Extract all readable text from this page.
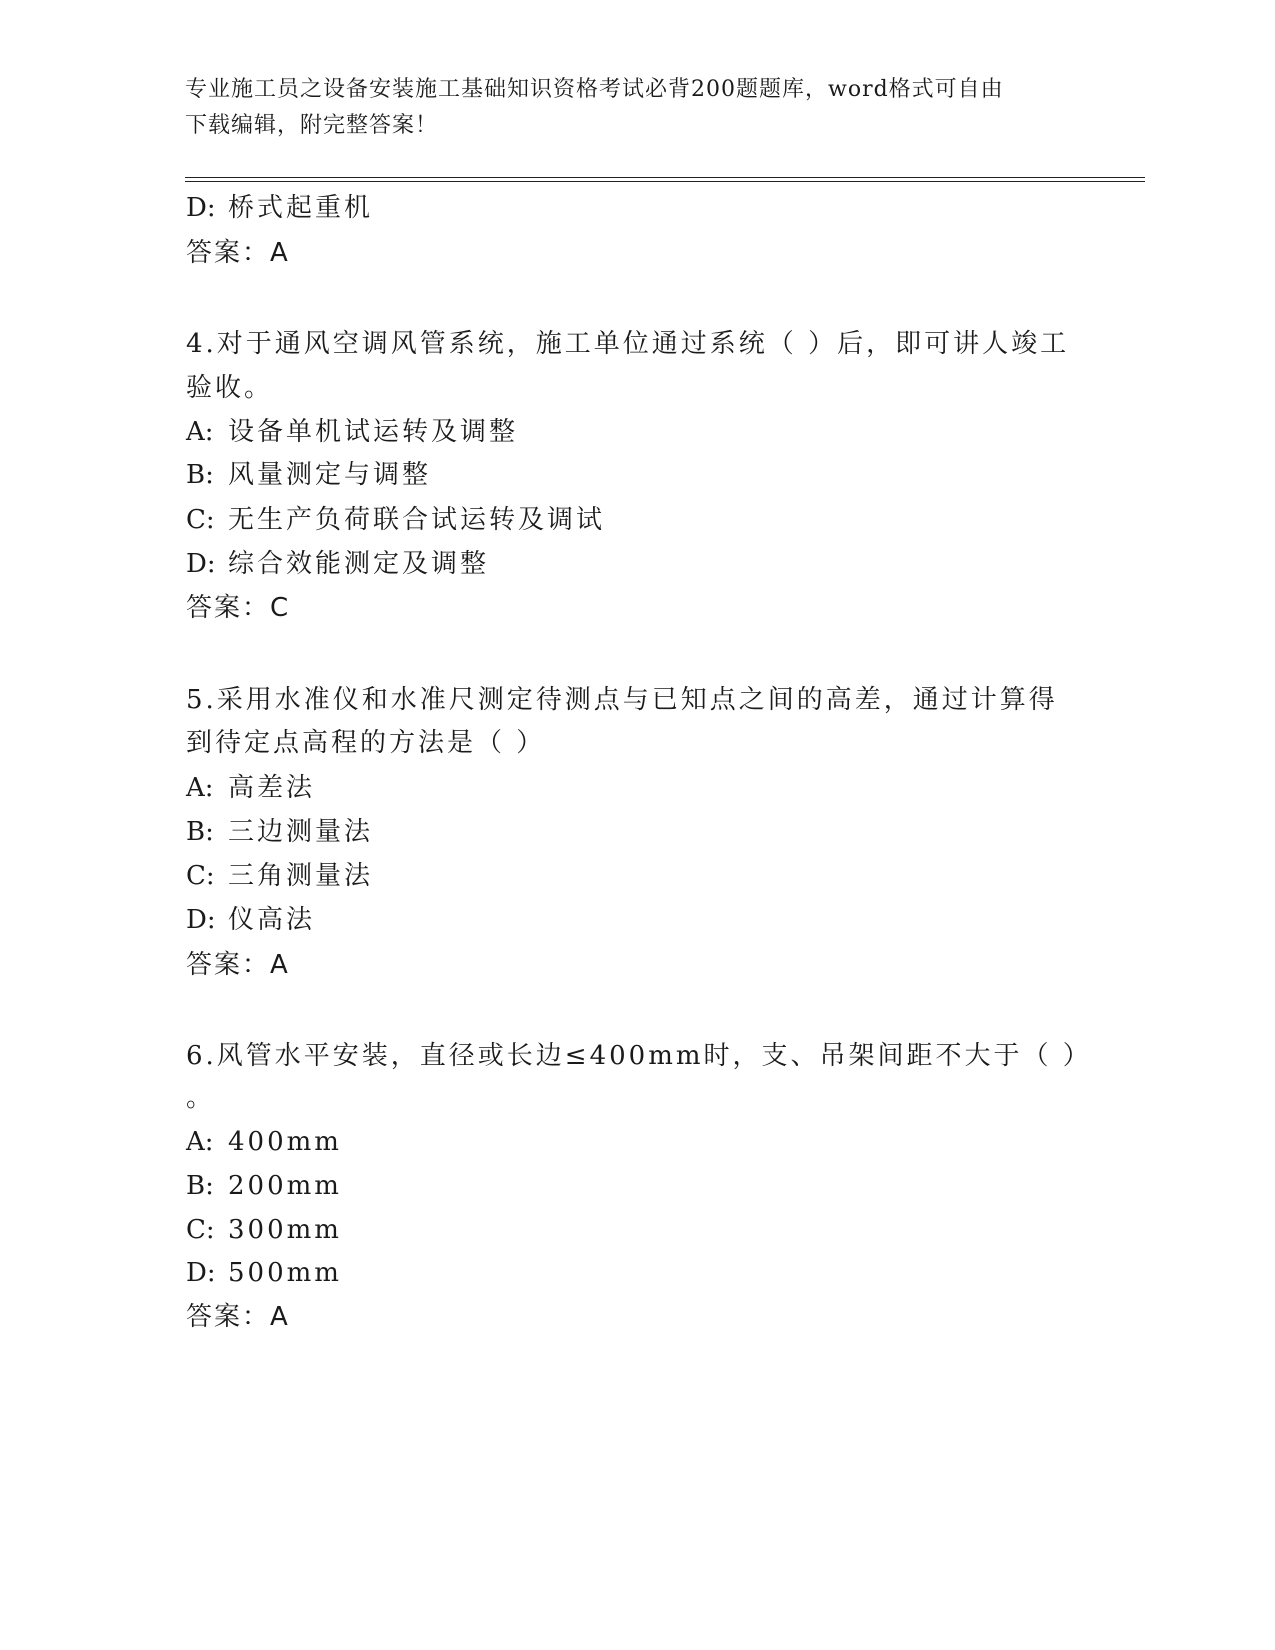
专业施工员之设备安装施工基础知识资格考试必背200题题库，word格式可自由
下载编辑，附完整答案！
D: 桥式起重机
答案：A
4.对于通风空调风管系统，施工单位通过系统（ ）后，即可讲人竣工
验收。
A: 设备单机试运转及调整
B: 风量测定与调整
C: 无生产负荷联合试运转及调试
D: 综合效能测定及调整
答案：C
5.采用水准仪和水准尺测定待测点与已知点之间的高差，通过计算得
到待定点高程的方法是（ ）
A: 高差法
B: 三边测量法
C: 三角测量法
D: 仪高法
答案：A
6.风管水平安装，直径或长边≤400mm时，支、吊架间距不大于（ ）
。
A: 400mm
B: 200mm
C: 300mm
D: 500mm
答案：A
